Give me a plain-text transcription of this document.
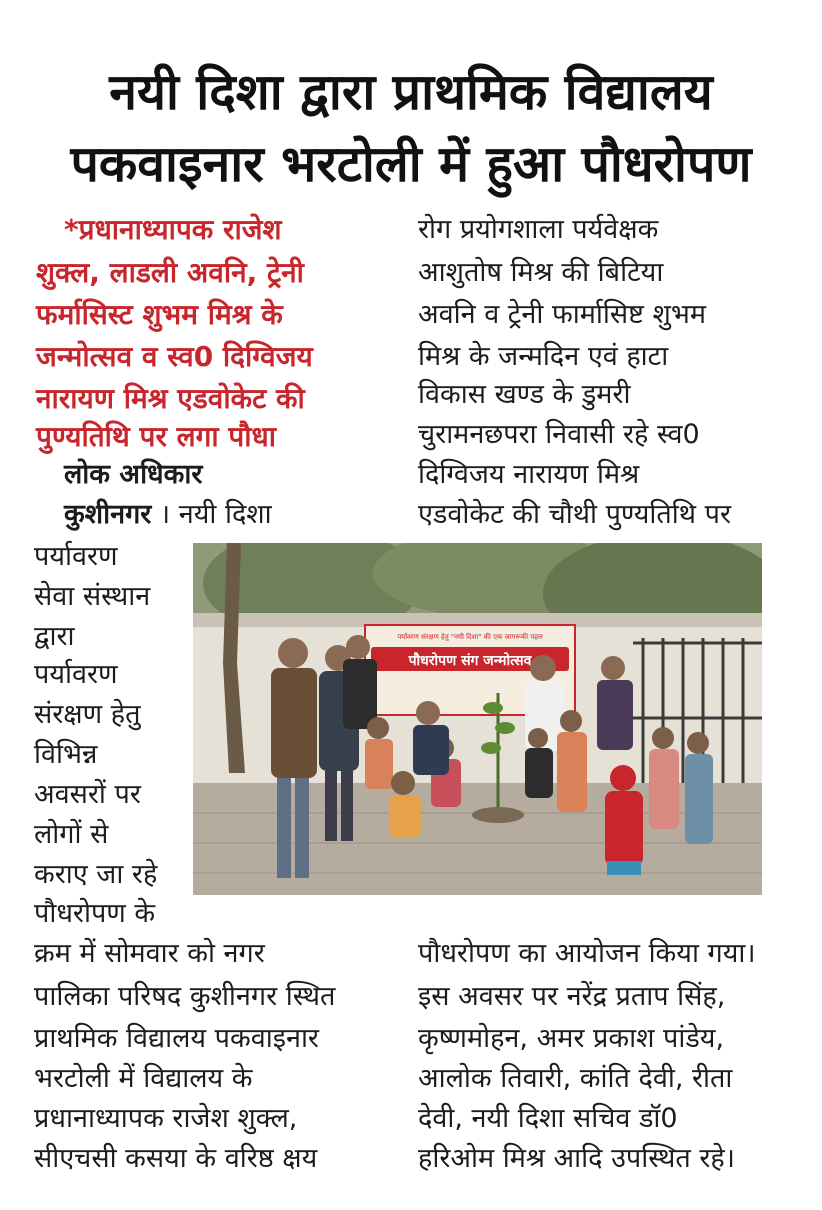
नयी दिशा द्वारा प्राथमिक विद्यालय
पकवाइनार भरटोली में हुआ पौधरोपण
*प्रधानाध्यापक राजेश
शुक्ल, लाडली अवनि, ट्रेनी
फर्मासिस्ट शुभम मिश्र के
जन्मोत्सव व स्व0 दिग्विजय
नारायण मिश्र एडवोकेट की
पुण्यतिथि पर लगा पौधा
लोक अधिकार
कुशीनगर । नयी दिशा
रोग प्रयोगशाला पर्यवेक्षक
आशुतोष मिश्र की बिटिया
अवनि व ट्रेनी फार्मासिष्ट शुभम
मिश्र के जन्मदिन एवं हाटा
विकास खण्ड के डुमरी
चुरामनछपरा निवासी रहे स्व0
दिग्विजय नारायण मिश्र
एडवोकेट की चौथी पुण्यतिथि पर
पर्यावरण
सेवा संस्थान
द्वारा
पर्यावरण
संरक्षण हेतु
विभिन्न
अवसरों पर
लोगों से
कराए जा रहे
पौधरोपण के
पर्यावरण संरक्षण हेतु "नयी दिशा" की एक जागरूकी पहल
पौधरोपण संग जन्मोत्सव
क्रम में सोमवार को नगर
पालिका परिषद कुशीनगर स्थित
प्राथमिक विद्यालय पकवाइनार
भरटोली में विद्यालय के
प्रधानाध्यापक राजेश शुक्ल,
सीएचसी कसया के वरिष्ठ क्षय
पौधरोपण का आयोजन किया गया।
इस अवसर पर नरेंद्र प्रताप सिंह,
कृष्णमोहन, अमर प्रकाश पांडेय,
आलोक तिवारी, कांति देवी, रीता
देवी, नयी दिशा सचिव डॉ0
हरिओम मिश्र आदि उपस्थित रहे।
